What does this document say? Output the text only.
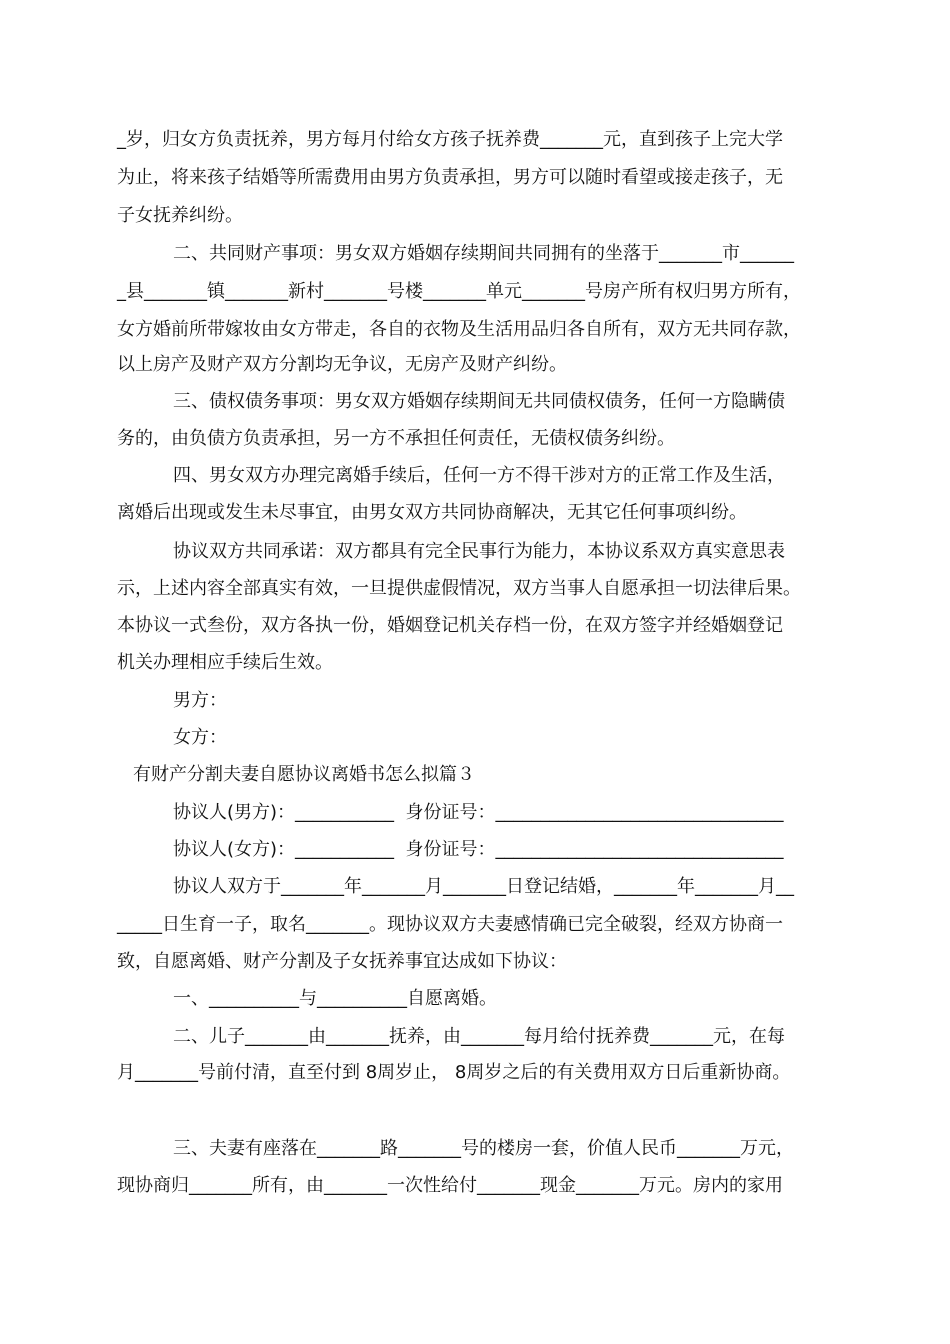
_岁，归女方负责抚养，男方每月付给女方孩子抚养费_______元，直到孩子上完大学
为止，将来孩子结婚等所需费用由男方负责承担，男方可以随时看望或接走孩子，无
子女抚养纠纷。
二、共同财产事项：男女双方婚姻存续期间共同拥有的坐落于_______市______
_县_______镇_______新村_______号楼_______单元_______号房产所有权归男方所有，
女方婚前所带嫁妆由女方带走，各自的衣物及生活用品归各自所有，双方无共同存款，
以上房产及财产双方分割均无争议，无房产及财产纠纷。
三、债权债务事项：男女双方婚姻存续期间无共同债权债务，任何一方隐瞒债
务的，由负债方负责承担，另一方不承担任何责任，无债权债务纠纷。
四、男女双方办理完离婚手续后，任何一方不得干涉对方的正常工作及生活，
离婚后出现或发生未尽事宜，由男女双方共同协商解决，无其它任何事项纠纷。
协议双方共同承诺：双方都具有完全民事行为能力，本协议系双方真实意思表
示，上述内容全部真实有效，一旦提供虚假情况，双方当事人自愿承担一切法律后果。
本协议一式叁份，双方各执一份，婚姻登记机关存档一份，在双方签字并经婚姻登记
机关办理相应手续后生效。
男方：
女方：
有财产分割夫妻自愿协议离婚书怎么拟篇３
协议人(男方)：___________  身份证号：________________________________
协议人(女方)：___________  身份证号：________________________________
协议人双方于_______年_______月_______日登记结婚，_______年_______月__
_____日生育一子，取名_______。现协议双方夫妻感情确已完全破裂，经双方协商一
致，自愿离婚、财产分割及子女抚养事宜达成如下协议：
一、__________与__________自愿离婚。
二、儿子_______由_______抚养，由_______每月给付抚养费_______元，在每
月_______号前付清，直至付到 8周岁止， 8周岁之后的有关费用双方日后重新协商。
三、夫妻有座落在_______路_______号的楼房一套，价值人民币_______万元，
现协商归_______所有，由_______一次性给付_______现金_______万元。房内的家用
